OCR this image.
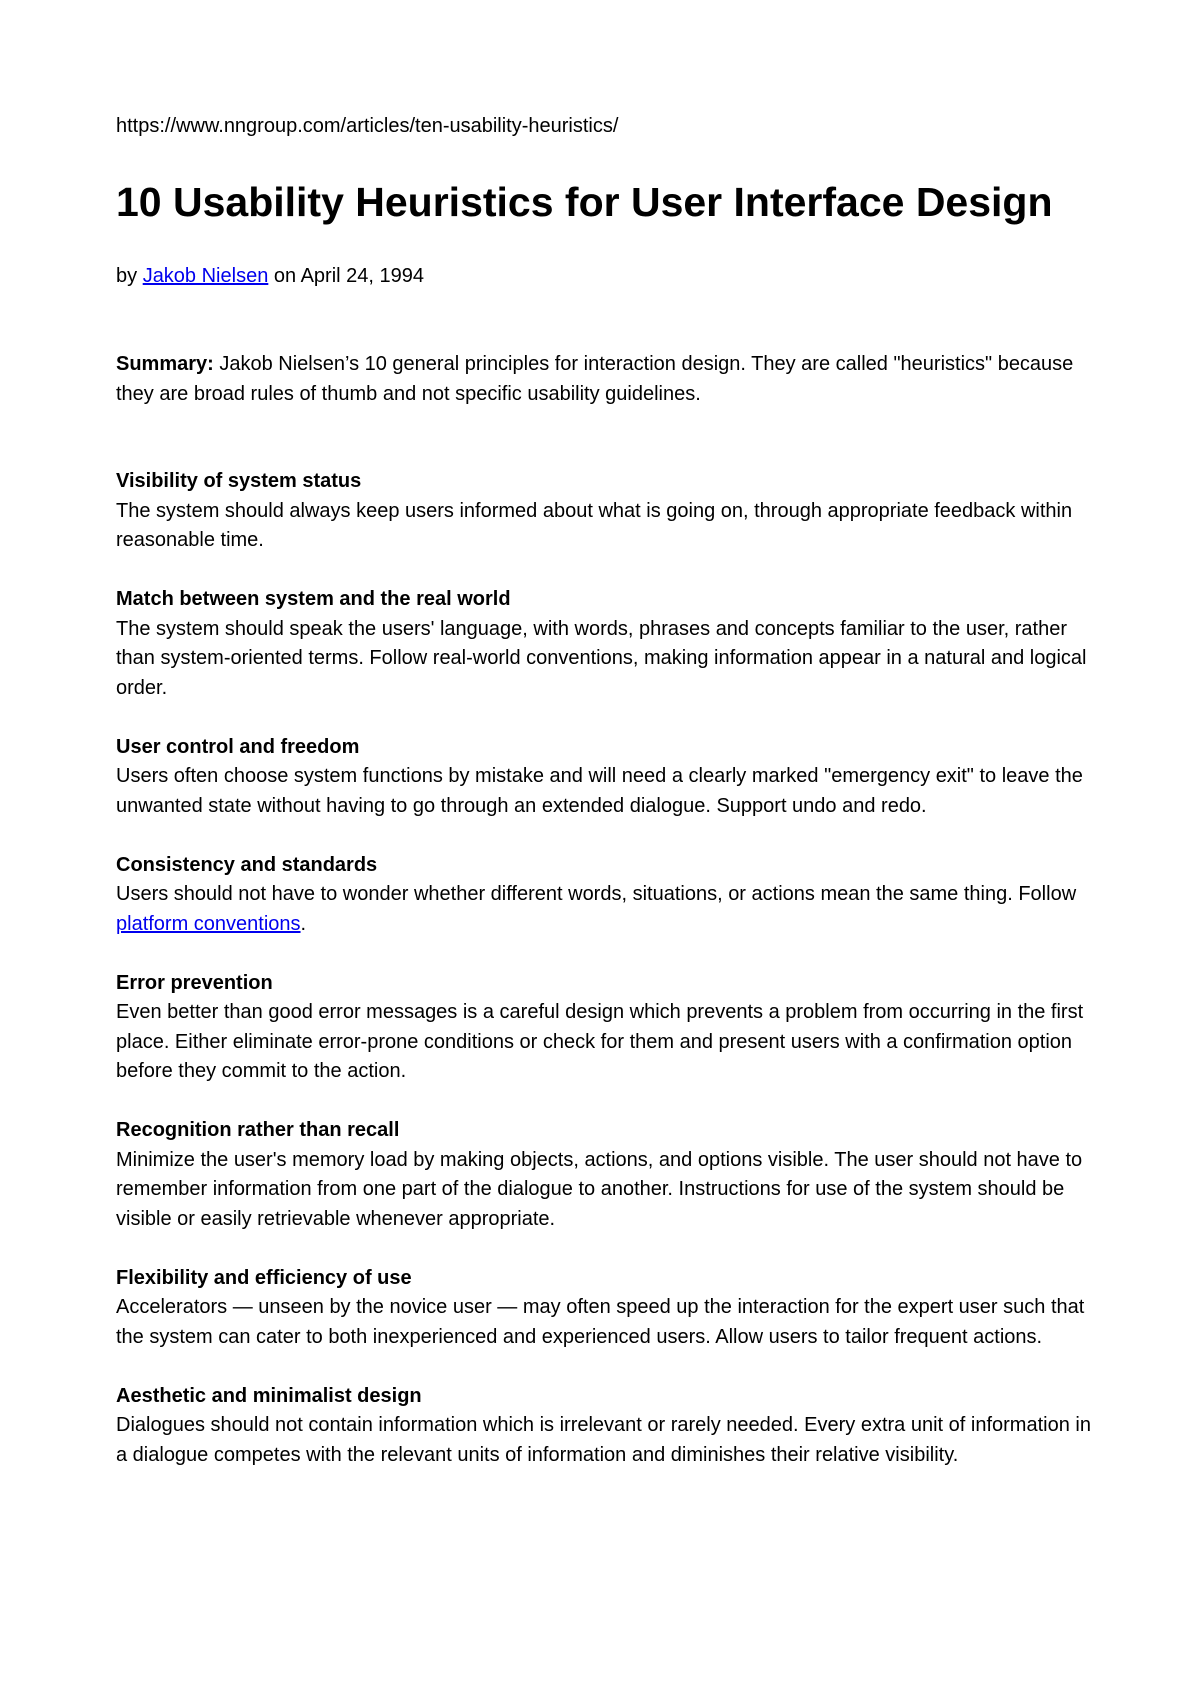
https://www.nngroup.com/articles/ten-usability-heuristics/
10 Usability Heuristics for User Interface Design
by Jakob Nielsen on April 24, 1994
Summary: Jakob Nielsen’s 10 general principles for interaction design. They are called "heuristics" because they are broad rules of thumb and not specific usability guidelines.
Visibility of system status
The system should always keep users informed about what is going on, through appropriate feedback within reasonable time.
Match between system and the real world
The system should speak the users' language, with words, phrases and concepts familiar to the user, rather than system-oriented terms. Follow real-world conventions, making information appear in a natural and logical order.
User control and freedom
Users often choose system functions by mistake and will need a clearly marked "emergency exit" to leave the unwanted state without having to go through an extended dialogue. Support undo and redo.
Consistency and standards
Users should not have to wonder whether different words, situations, or actions mean the same thing. Follow platform conventions.
Error prevention
Even better than good error messages is a careful design which prevents a problem from occurring in the first place. Either eliminate error-prone conditions or check for them and present users with a confirmation option before they commit to the action.
Recognition rather than recall
Minimize the user's memory load by making objects, actions, and options visible. The user should not have to remember information from one part of the dialogue to another. Instructions for use of the system should be visible or easily retrievable whenever appropriate.
Flexibility and efficiency of use
Accelerators — unseen by the novice user — may often speed up the interaction for the expert user such that the system can cater to both inexperienced and experienced users. Allow users to tailor frequent actions.
Aesthetic and minimalist design
Dialogues should not contain information which is irrelevant or rarely needed. Every extra unit of information in a dialogue competes with the relevant units of information and diminishes their relative visibility.
